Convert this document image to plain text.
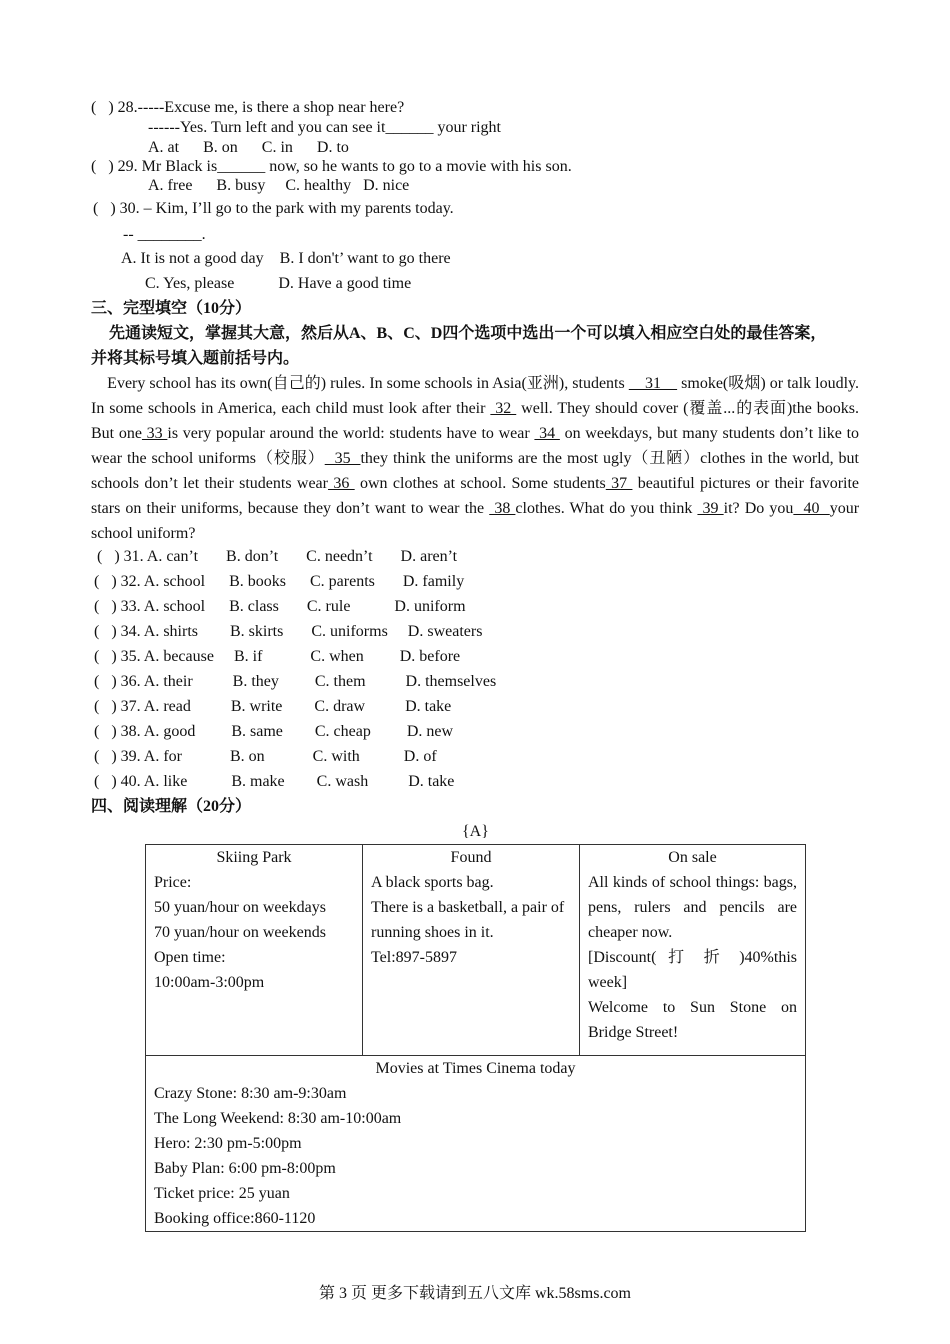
(   ) 28.-----Excuse me, is there a shop near here?
------Yes. Turn left and you can see it______ your right
A. at      B. on      C. in      D. to
(   ) 29. Mr Black is______ now, so he wants to go to a movie with his son.
A. free      B. busy     C. healthy   D. nice
(   ) 30. – Kim, I’ll go to the park with my parents today.
-- ________.
A. It is not a good day    B. I don't’ want to go there
C. Yes, please           D. Have a good time
三、完型填空（10分）
先通读短文，掌握其大意，然后从A、B、C、D四个选项中选出一个可以填入相应空白处的最佳答案，
并将其标号填入题前括号内。
Every school has its own(自己的) rules. In some schools in Asia(亚洲), students     31     smoke(吸烟) or talk loudly. In some schools in America, each child must look after their  32  well. They should cover (覆盖...的表面)the books. But one 33 is very popular around the world: students have to wear  34  on weekdays, but many students don’t like to wear the school uniforms（校服）  35  they think the uniforms are the most ugly（丑陋）clothes in the world, but schools don’t let their students wear 36  own clothes at school. Some students 37  beautiful pictures or their favorite stars on their uniforms, because they don’t want to wear the  38 clothes. What do you think  39 it? Do you  40  your school uniform?
(   ) 31. A. can’t       B. don’t       C. needn’t       D. aren’t
(   ) 32. A. school      B. books      C. parents       D. family
(   ) 33. A. school      B. class       C. rule           D. uniform
(   ) 34. A. shirts        B. skirts       C. uniforms     D. sweaters
(   ) 35. A. because     B. if            C. when         D. before
(   ) 36. A. their          B. they         C. them          D. themselves
(   ) 37. A. read          B. write        C. draw          D. take
(   ) 38. A. good         B. same        C. cheap         D. new
(   ) 39. A. for            B. on            C. with           D. of
(   ) 40. A. like           B. make        C. wash          D. take
四、阅读理解（20分）
{A}
Skiing Park
Price:
50 yuan/hour on weekdays
70 yuan/hour on weekends
Open time:
10:00am-3:00pm

Found
A black sports bag.
There is a basketball, a pair of running shoes in it.
Tel:897-5897

On sale
All kinds of school things: bags, pens, rulers and pencils are cheaper now.
[Discount( 打 折 )40%this week]
Welcome to Sun Stone on Bridge Street!

Movies at Times Cinema today
Crazy Stone: 8:30 am-9:30am
The Long Weekend: 8:30 am-10:00am
Hero: 2:30 pm-5:00pm
Baby Plan: 6:00 pm-8:00pm
Ticket price: 25 yuan
Booking office:860-1120
第 3 页 更多下载请到五八文库 wk.58sms.com
